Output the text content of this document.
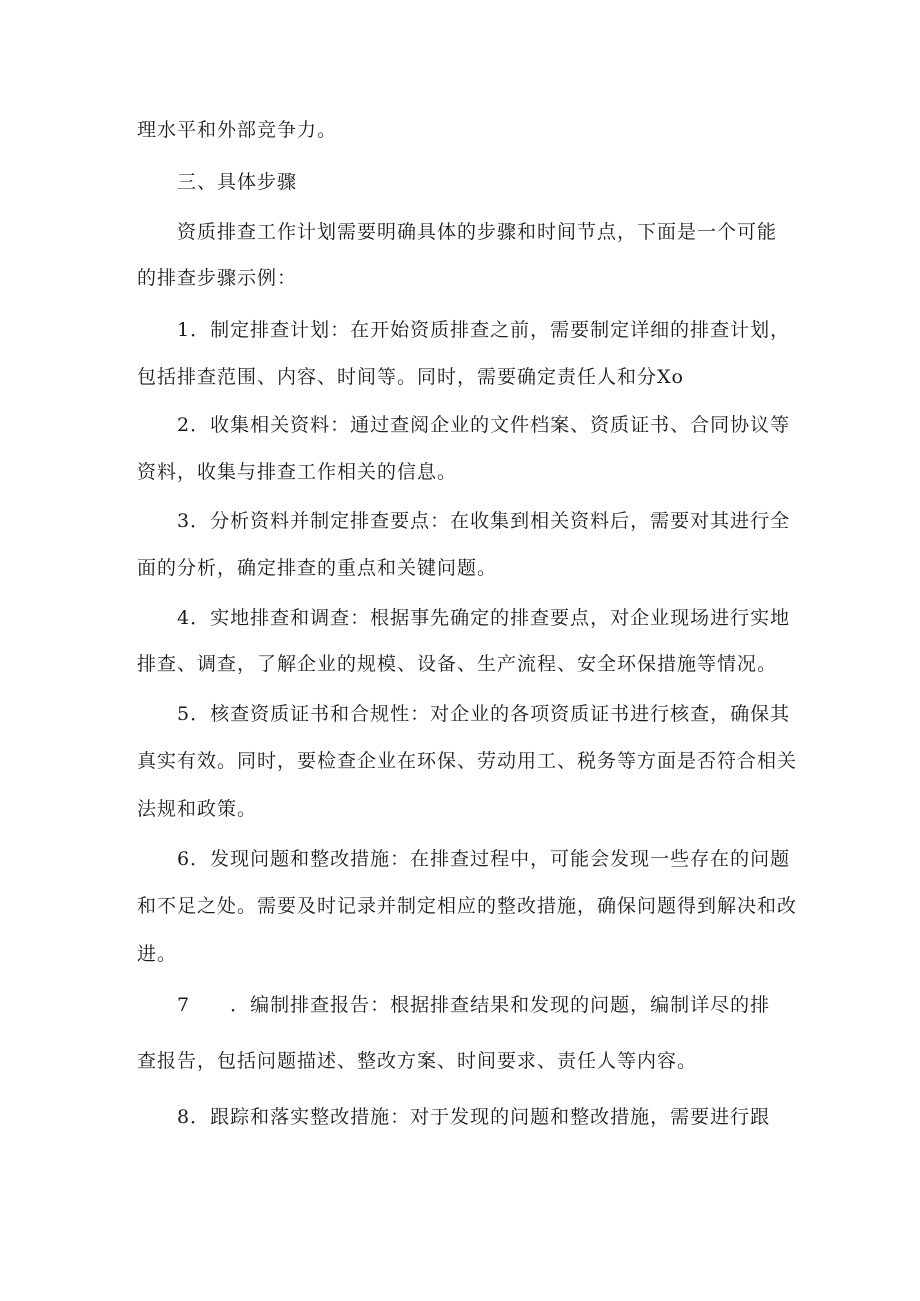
理水平和外部竞争力。
三、具体步骤
资质排查工作计划需要明确具体的步骤和时间节点，下面是一个可能
的排查步骤示例：
1．制定排查计划：在开始资质排查之前，需要制定详细的排查计划，
包括排查范围、内容、时间等。同时，需要确定责任人和分Xo
2．收集相关资料：通过查阅企业的文件档案、资质证书、合同协议等
资料，收集与排查工作相关的信息。
3．分析资料并制定排查要点：在收集到相关资料后，需要对其进行全
面的分析，确定排查的重点和关键问题。
4．实地排查和调查：根据事先确定的排查要点，对企业现场进行实地
排查、调查，了解企业的规模、设备、生产流程、安全环保措施等情况。
5．核查资质证书和合规性：对企业的各项资质证书进行核查，确保其
真实有效。同时，要检查企业在环保、劳动用工、税务等方面是否符合相关
法规和政策。
6．发现问题和整改措施：在排查过程中，可能会发现一些存在的问题
和不足之处。需要及时记录并制定相应的整改措施，确保问题得到解决和改
进。
7　　．编制排查报告：根据排查结果和发现的问题，编制详尽的排
查报告，包括问题描述、整改方案、时间要求、责任人等内容。
8．跟踪和落实整改措施：对于发现的问题和整改措施，需要进行跟
